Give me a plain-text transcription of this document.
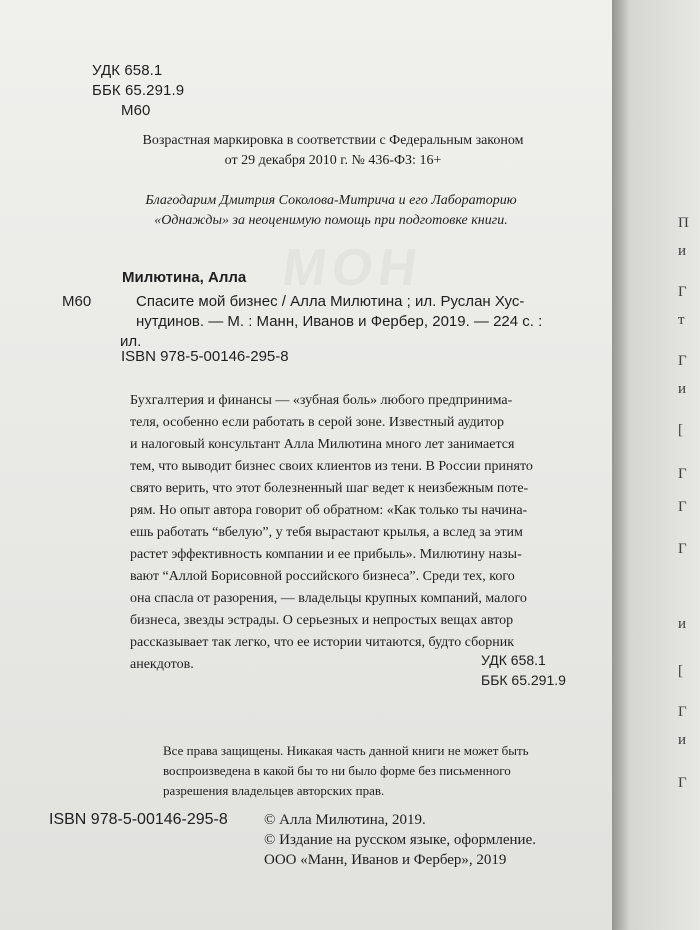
МОН
УДК 658.1
ББК 65.291.9
М60
Возрастная маркировка в соответствии с Федеральным законом
от 29 декабря 2010 г. № 436-ФЗ: 16+
Благодарим Дмитрия Соколова-Митрича и его Лабораторию
«Однажды» за неоценимую помощь при подготовке книги.
Милютина, Алла
М60	Спасите мой бизнес / Алла Милютина ; ил. Руслан Хус-
нутдинов. — М. : Манн, Иванов и Фербер, 2019. — 224 с. : ил.
ISBN 978-5-00146-295-8

Бухгалтерия и финансы — «зубная боль» любого предпринима-

теля, особенно если работать в серой зоне. Известный аудитор

и налоговый консультант Алла Милютина много лет занимается

тем, что выводит бизнес своих клиентов из тени. В России принято

свято верить, что этот болезненный шаг ведет к неизбежным поте-

рям. Но опыт автора говорит об обратном: «Как только ты начина-

ешь работать “вбелую”, у тебя вырастают крылья, а вслед за этим

растет эффективность компании и ее прибыль». Милютину назы-

вают “Аллой Борисовной российского бизнеса”. Среди тех, кого

она спасла от разорения, — владельцы крупных компаний, малого

бизнеса, звезды эстрады. О серьезных и непростых вещах автор

рассказывает так легко, что ее истории читаются, будто сборник

анекдотов.	УДК 658.1
ББК 65.291.9
Все права защищены. Никакая часть данной книги не может быть
воспроизведена в какой бы то ни было форме без письменного
разрешения владельцев авторских прав.
ISBN 978-5-00146-295-8 © Алла Милютина, 2019.
© Издание на русском языке, оформление.
ООО «Манн, Иванов и Фербер», 2019
П
и
Г
т
Г
и
[
Г
Г
Г
и
[
Г
и
Г
